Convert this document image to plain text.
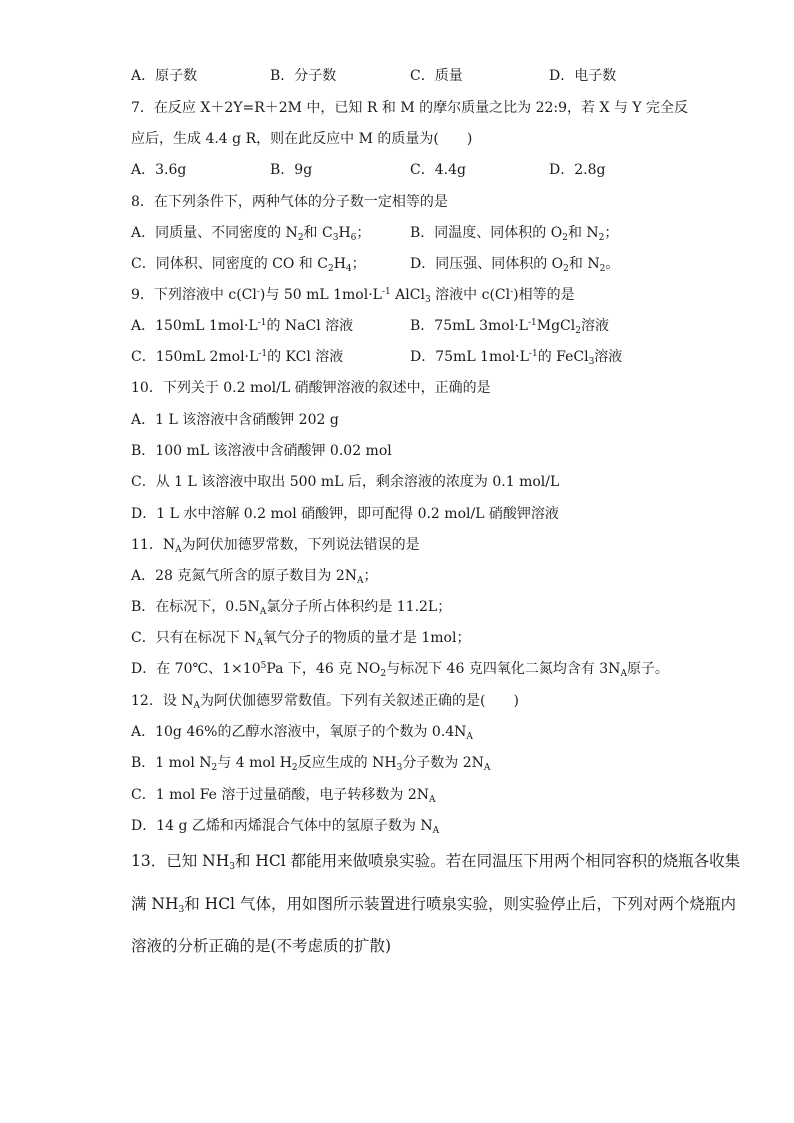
A．原子数	B．分子数	C．质量	D．电子数
7．在反应 X＋2Y=R＋2M 中，已知 R 和 M 的摩尔质量之比为 22:9，若 X 与 Y 完全反
应后，生成 4.4 g R，则在此反应中 M 的质量为(　　)
A．3.6g	B．9g	C．4.4g	D．2.8g
8．在下列条件下，两种气体的分子数一定相等的是
A．同质量、不同密度的 $N_2$和 $C_3H_6$；	B．同温度、同体积的 $O_2$和 $N_2$；
C．同体积、同密度的 CO 和 $C_2H_4$；	D．同压强、同体积的 $O_2$和 $N_2$。
9．下列溶液中 c(Cl-)与 50 mL $1mol\cdot L^{-1}$ AlCl$_3$ 溶液中 c(Cl-)相等的是
A．150mL $1mol\cdot L^{-1}$的 NaCl 溶液	B．75mL $3mol\cdot L^{-1}MgCl_2$溶液
C．150mL $2mol\cdot L^{-1}$的 KCl 溶液	D．75mL $1mol\cdot L^{-1}$的 FeCl$_3$溶液
10．下列关于 0.2 mol/L 硝酸钾溶液的叙述中，正确的是
A．1 L 该溶液中含硝酸钾 202 g
B．100 mL 该溶液中含硝酸钾 0.02 mol
C．从 1 L 该溶液中取出 500 mL 后，剩余溶液的浓度为 0.1 mol/L
D．1 L 水中溶解 0.2 mol 硝酸钾，即可配得 0.2 mol/L 硝酸钾溶液
11．$N_A$为阿伏加德罗常数，下列说法错误的是
A．28 克氮气所含的原子数目为 $2N_A$；
B．在标况下，$0.5N_A$氯分子所占体积约是 11.2L；
C．只有在标况下 $N_A$氧气分子的物质的量才是 1mol；
D．在 70℃、$1\times 10^5Pa$ 下，46 克 $NO_2$与标况下 46 克四氧化二氮均含有 $3N_A$原子。
12．设 $N_A$为阿伏伽德罗常数值。下列有关叙述正确的是(　　)
A．10g 46%的乙醇水溶液中，氧原子的个数为 $0.4N_A$
B．1 mol $N_2$与 4 mol $H_2$反应生成的 $NH_3$分子数为 $2N_A$
C．1 mol Fe 溶于过量硝酸，电子转移数为 $2N_A$
D．14 g 乙烯和丙烯混合气体中的氢原子数为 $N_A$
13．已知 $NH_3$和 HCl 都能用来做喷泉实验。若在同温压下用两个相同容积的烧瓶各收集
满 $NH_3$和 HCl 气体，用如图所示装置进行喷泉实验，则实验停止后，下列对两个烧瓶内
溶液的分析正确的是(不考虑质的扩散)
